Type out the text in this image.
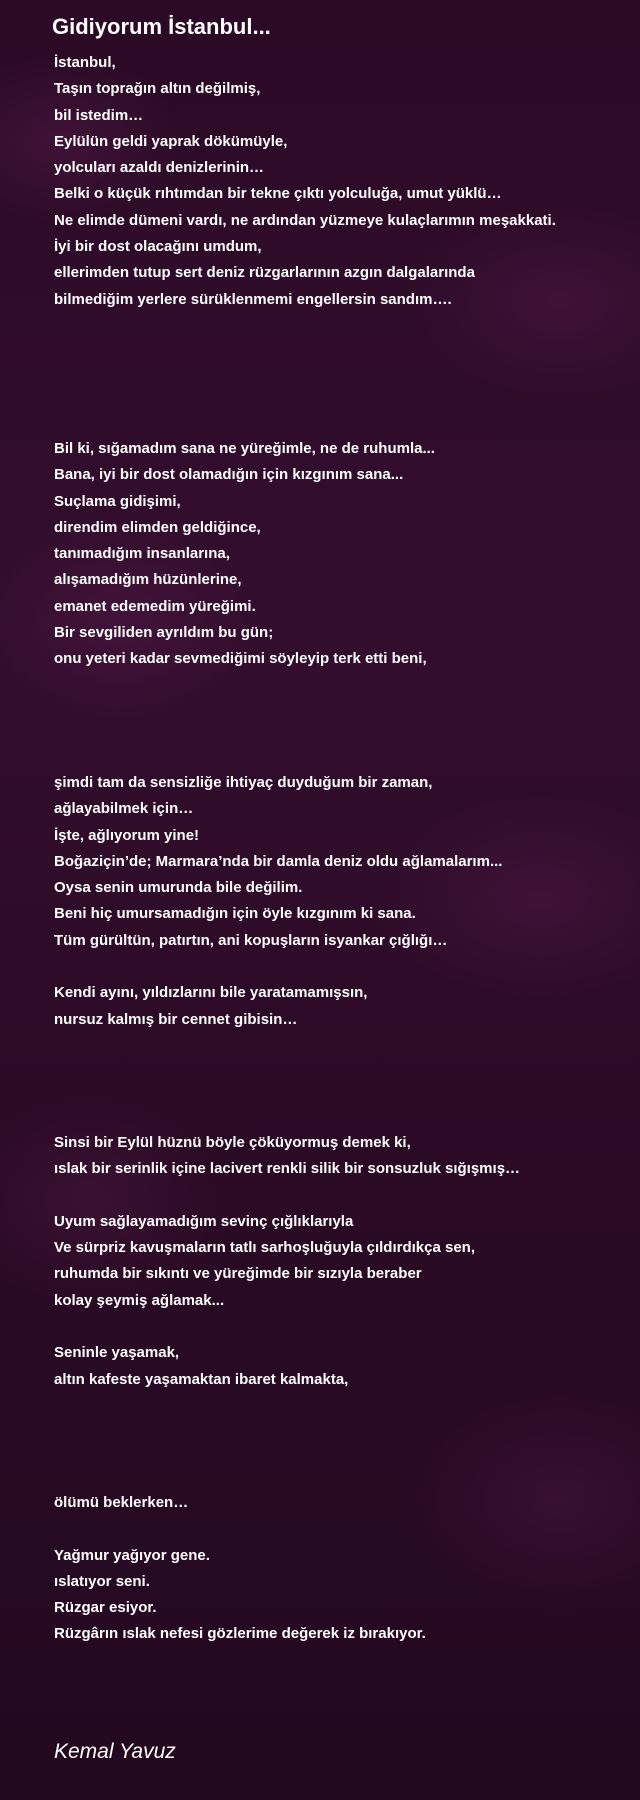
Gidiyorum İstanbul...
İstanbul,
Taşın toprağın altın değilmiş,
bil istedim…
Eylülün geldi yaprak dökümüyle,
yolcuları azaldı denizlerinin…
Belki o küçük rıhtımdan bir tekne çıktı yolculuğa, umut yüklü…
Ne elimde dümeni vardı, ne ardından yüzmeye kulaçlarımın meşakkati.
İyi bir dost olacağını umdum,
ellerimden tutup sert deniz rüzgarlarının azgın dalgalarında
bilmediğim yerlere sürüklenmemi engellersin sandım….
Bil ki, sığamadım sana ne yüreğimle, ne de ruhumla...
Bana, iyi bir dost olamadığın için kızgınım sana...
Suçlama gidişimi,
direndim elimden geldiğince,
tanımadığım insanlarına,
alışamadığım hüzünlerine,
emanet edemedim yüreğimi.
Bir sevgiliden ayrıldım bu gün;
onu yeteri kadar sevmediğimi söyleyip terk etti beni,
şimdi tam da sensizliğe ihtiyaç duyduğum bir zaman,
ağlayabilmek için…
İşte, ağlıyorum yine!
Boğaziçin’de; Marmara’nda bir damla deniz oldu ağlamalarım...
Oysa senin umurunda bile değilim.
Beni hiç umursamadığın için öyle kızgınım ki sana.
Tüm gürültün, patırtın, ani kopuşların isyankar çığlığı…
Kendi ayını, yıldızlarını bile yaratamamışsın,
nursuz kalmış bir cennet gibisin…
Sinsi bir Eylül hüznü böyle çöküyormuş demek ki,
ıslak bir serinlik içine lacivert renkli silik bir sonsuzluk sığışmış…
Uyum sağlayamadığım sevinç çığlıklarıyla
Ve sürpriz kavuşmaların tatlı sarhoşluğuyla çıldırdıkça sen,
ruhumda bir sıkıntı ve yüreğimde bir sızıyla beraber
kolay şeymiş ağlamak...
Seninle yaşamak,
altın kafeste yaşamaktan ibaret kalmakta,
ölümü beklerken…
Yağmur yağıyor gene.
ıslatıyor seni.
Rüzgar esiyor.
Rüzgârın ıslak nefesi gözlerime değerek iz bırakıyor.
Kemal Yavuz
